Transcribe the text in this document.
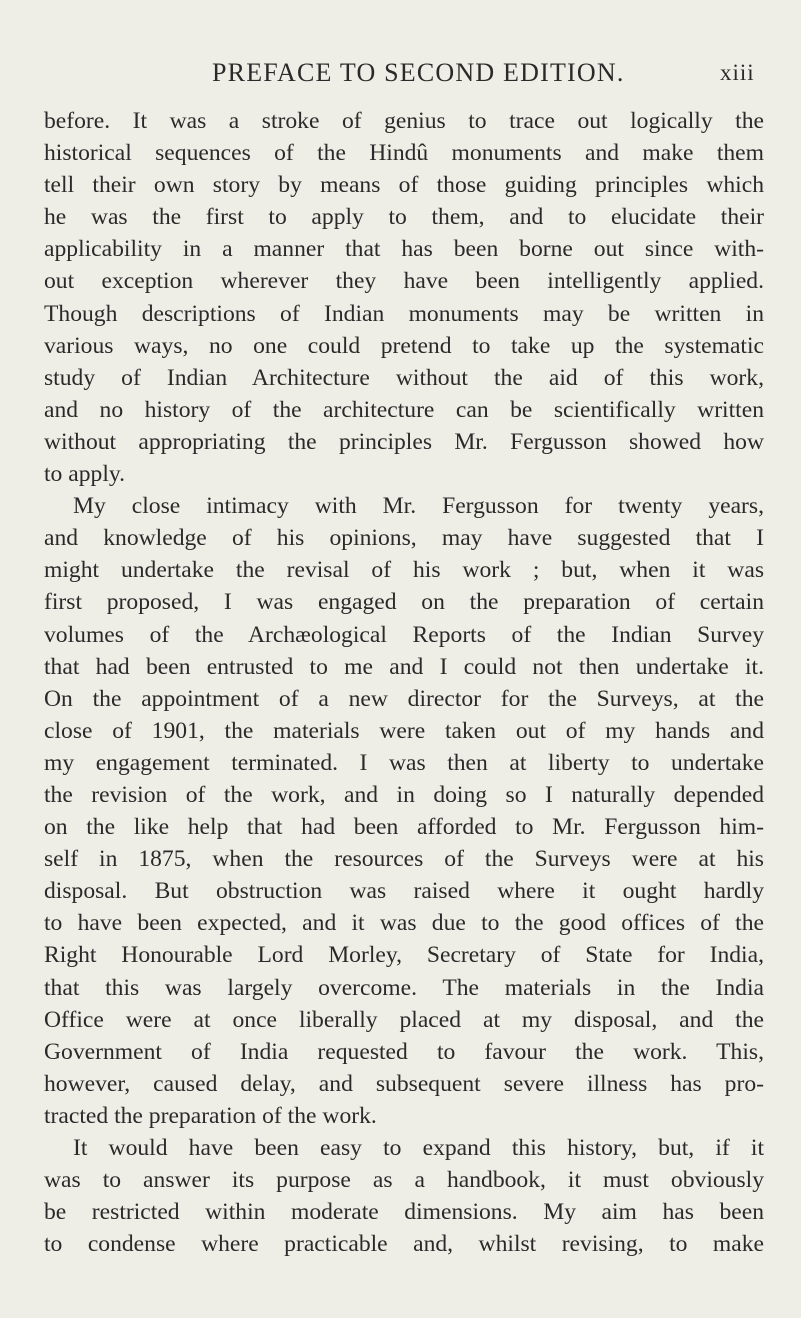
PREFACE TO SECOND EDITION.	xiii
before. It was a stroke of genius to trace out logically the
historical sequences of the Hindû monuments and make them
tell their own story by means of those guiding principles which
he was the first to apply to them, and to elucidate their
applicability in a manner that has been borne out since with-
out exception wherever they have been intelligently applied.
Though descriptions of Indian monuments may be written in
various ways, no one could pretend to take up the systematic
study of Indian Architecture without the aid of this work,
and no history of the architecture can be scientifically written
without appropriating the principles Mr. Fergusson showed how
to apply.
My close intimacy with Mr. Fergusson for twenty years,
and knowledge of his opinions, may have suggested that I
might undertake the revisal of his work ; but, when it was
first proposed, I was engaged on the preparation of certain
volumes of the Archæological Reports of the Indian Survey
that had been entrusted to me and I could not then undertake it.
On the appointment of a new director for the Surveys, at the
close of 1901, the materials were taken out of my hands and
my engagement terminated. I was then at liberty to undertake
the revision of the work, and in doing so I naturally depended
on the like help that had been afforded to Mr. Fergusson him-
self in 1875, when the resources of the Surveys were at his
disposal. But obstruction was raised where it ought hardly
to have been expected, and it was due to the good offices of the
Right Honourable Lord Morley, Secretary of State for India,
that this was largely overcome. The materials in the India
Office were at once liberally placed at my disposal, and the
Government of India requested to favour the work. This,
however, caused delay, and subsequent severe illness has pro-
tracted the preparation of the work.
It would have been easy to expand this history, but, if it
was to answer its purpose as a handbook, it must obviously
be restricted within moderate dimensions. My aim has been
to condense where practicable and, whilst revising, to make
